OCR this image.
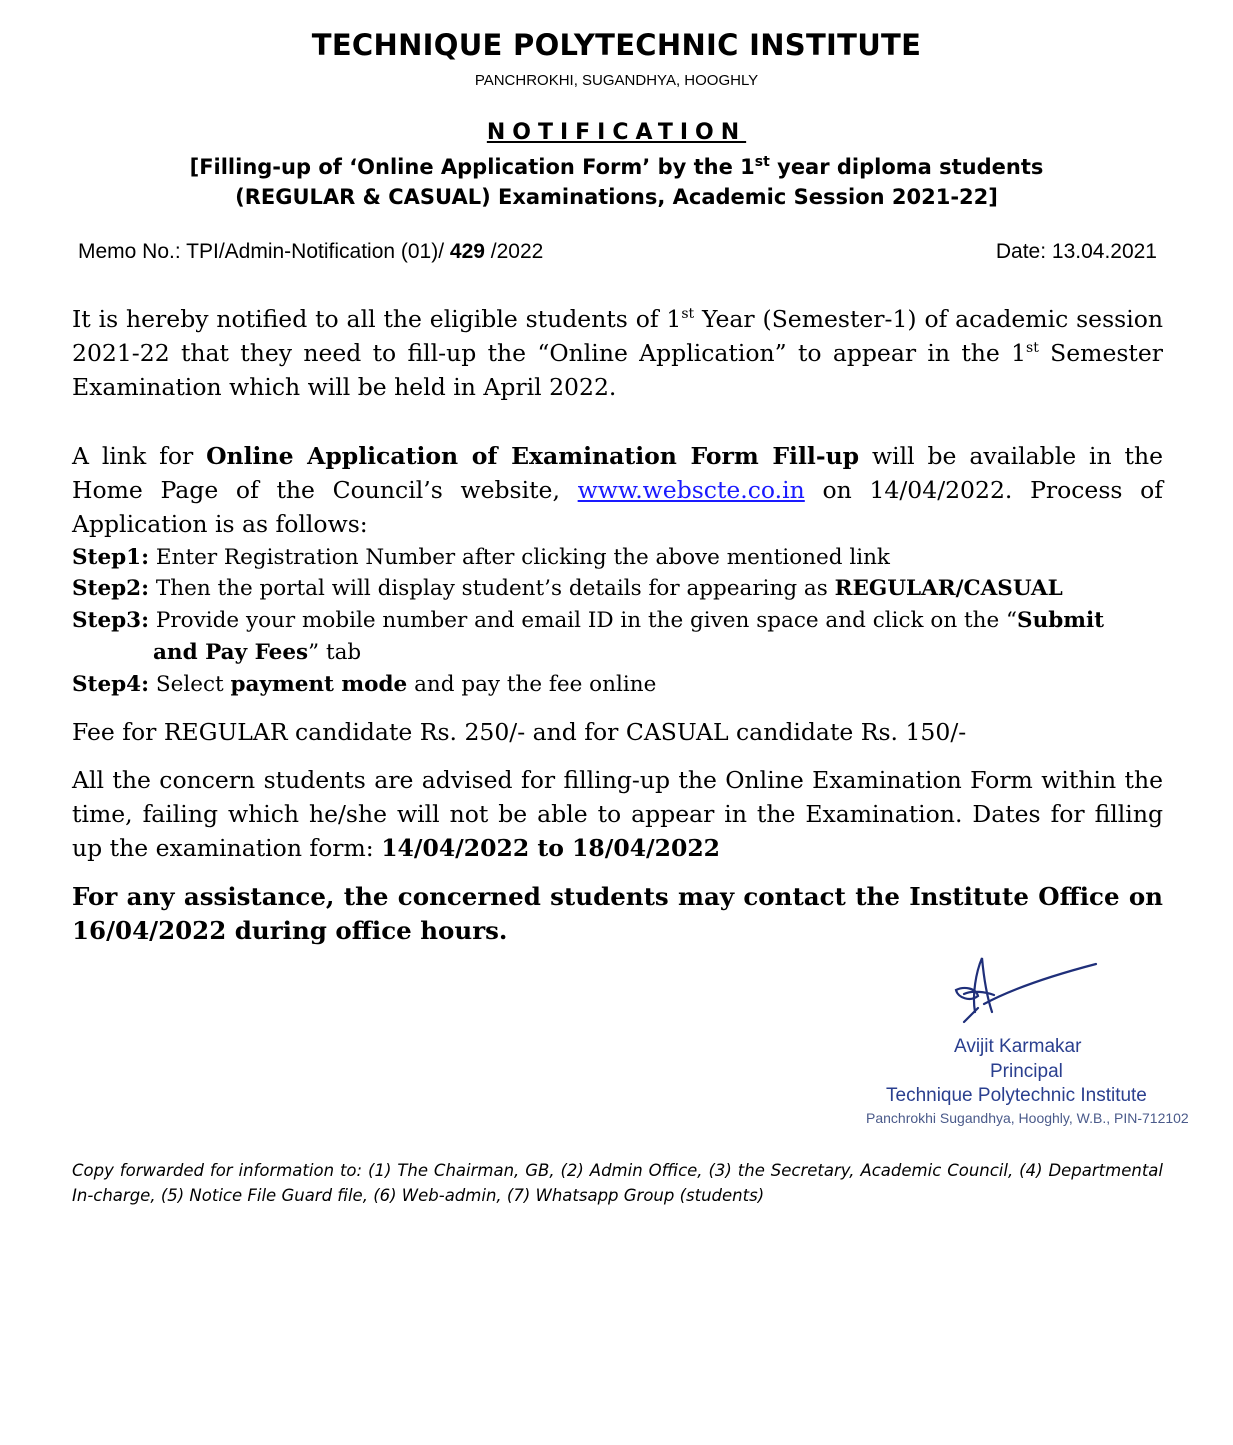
TECHNIQUE POLYTECHNIC INSTITUTE
PANCHROKHI, SUGANDHYA, HOOGHLY
NOTIFICATION
[Filling-up of ‘Online Application Form’ by the 1st year diploma students
(REGULAR & CASUAL) Examinations, Academic Session 2021-22]
Memo No.: TPI/Admin-Notification (01)/ 429 /2022	Date: 13.04.2021
It is hereby notified to all the eligible students of 1st Year (Semester-1) of academic session 2021-22 that they need to fill-up the “Online Application” to appear in the 1st Semester Examination which will be held in April 2022.
A link for Online Application of Examination Form Fill-up will be available in the Home Page of the Council’s website, www.webscte.co.in on 14/04/2022. Process of Application is as follows:
Step1: Enter Registration Number after clicking the above mentioned link
Step2: Then the portal will display student’s details for appearing as REGULAR/CASUAL
Step3: Provide your mobile number and email ID in the given space and click on the “Submit
and Pay Fees” tab
Step4: Select payment mode and pay the fee online
Fee for REGULAR candidate Rs. 250/- and for CASUAL candidate Rs. 150/-
All the concern students are advised for filling-up the Online Examination Form within the time, failing which he/she will not be able to appear in the Examination. Dates for filling up the examination form: 14/04/2022 to 18/04/2022
For any assistance, the concerned students may contact the Institute Office on 16/04/2022 during office hours.
Avijit Karmakar
Principal
Technique Polytechnic Institute
Panchrokhi Sugandhya, Hooghly, W.B., PIN-712102
Copy forwarded for information to: (1) The Chairman, GB, (2) Admin Office, (3) the Secretary, Academic Council, (4) Departmental In-charge, (5) Notice File Guard file, (6) Web-admin, (7) Whatsapp Group (students)
